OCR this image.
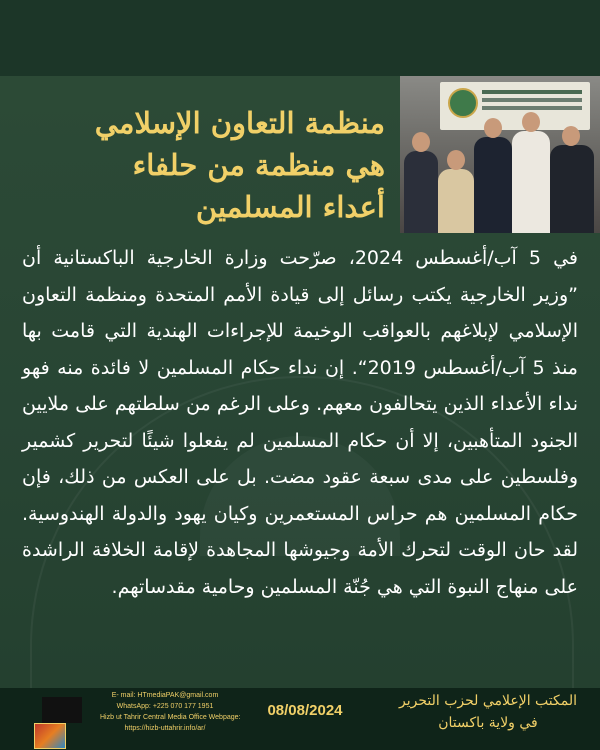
منظمة التعاون الإسلامي
هي منظمة من حلفاء
أعداء المسلمين
في 5 آب/أغسطس 2024، صرّحت وزارة الخارجية الباكستانية أن ”وزير الخارجية يكتب رسائل إلى قيادة الأمم المتحدة ومنظمة التعاون الإسلامي لإبلاغهم بالعواقب الوخيمة للإجراءات الهندية التي قامت بها منذ 5 آب/أغسطس 2019“. إن نداء حكام المسلمين لا فائدة منه فهو نداء الأعداء الذين يتحالفون معهم. وعلى الرغم من سلطتهم على ملايين الجنود المتأهبين، إلا أن حكام المسلمين لم يفعلوا شيئًا لتحرير كشمير وفلسطين على مدى سبعة عقود مضت. بل على العكس من ذلك، فإن حكام المسلمين هم حراس المستعمرين وكيان يهود والدولة الهندوسية. لقد حان الوقت لتحرك الأمة وجيوشها المجاهدة لإقامة الخلافة الراشدة على منهاج النبوة التي هي جُنّة المسلمين وحامية مقدساتهم.
المكتب الإعلامي لحزب التحرير
في ولاية باكستان
08/08/2024
E- mail: HTmediaPAK@gmail.com
WhatsApp: +225 070 177 1951
Hizb ut Tahrir Central Media Office Webpage:
https://hizb-uttahrir.info/ar/
